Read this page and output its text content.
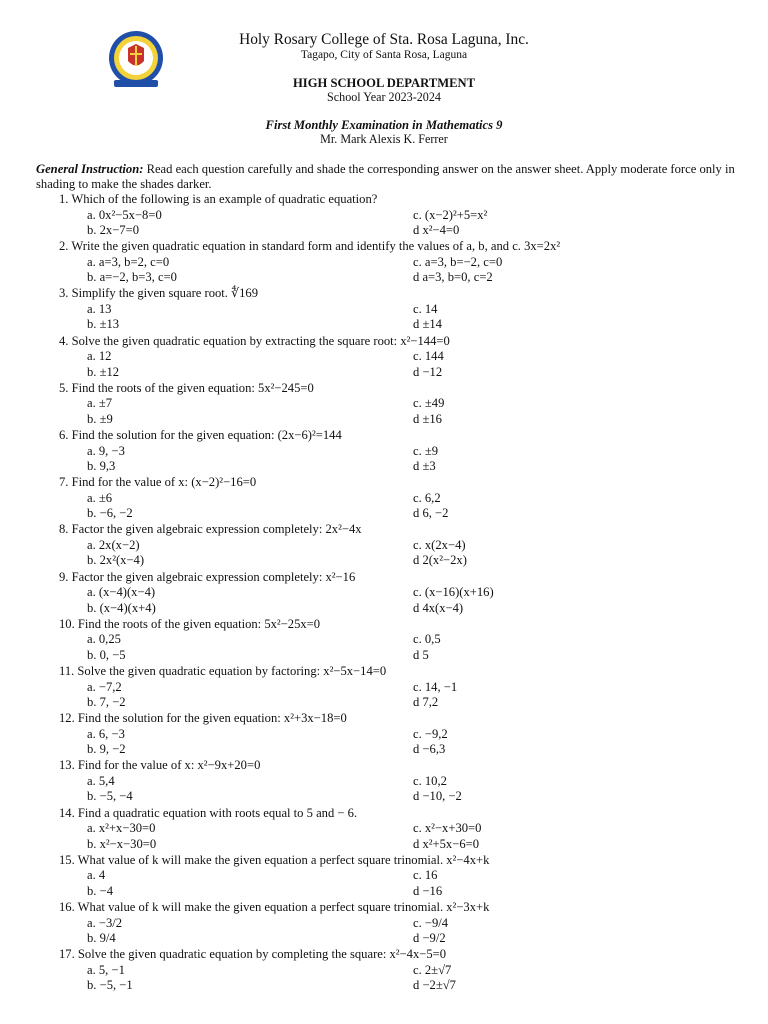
Holy Rosary College of Sta. Rosa Laguna, Inc.
Tagapo, City of Santa Rosa, Laguna
HIGH SCHOOL DEPARTMENT
School Year 2023-2024
First Monthly Examination in Mathematics 9
Mr. Mark Alexis K. Ferrer
General Instruction: Read each question carefully and shade the corresponding answer on the answer sheet. Apply moderate force only in shading to make the shades darker.
1. Which of the following is an example of quadratic equation?
a. 0x²−5x−8=0	c. (x−2)²+5=x²
b. 2x−7=0	d x²−4=0
2. Write the given quadratic equation in standard form and identify the values of a, b, and c. 3x=2x²
a. a=3, b=2, c=0	c. a=3, b=−2, c=0
b. a=−2, b=3, c=0	d a=3, b=0, c=2
3. Simplify the given square root. ∜169
a. 13	c. 14
b. ±13	d ±14
4. Solve the given quadratic equation by extracting the square root: x²−144=0
a. 12	c. 144
b. ±12	d −12
5. Find the roots of the given equation: 5x²−245=0
a. ±7	c. ±49
b. ±9	d ±16
6. Find the solution for the given equation: (2x−6)²=144
a. 9, −3	c. ±9
b. 9,3	d ±3
7. Find for the value of x: (x−2)²−16=0
a. ±6	c. 6,2
b. −6, −2	d 6, −2
8. Factor the given algebraic expression completely: 2x²−4x
a. 2x(x−2)	c. x(2x−4)
b. 2x²(x−4)	d 2(x²−2x)
9. Factor the given algebraic expression completely: x²−16
a. (x−4)(x−4)	c. (x−16)(x+16)
b. (x−4)(x+4)	d 4x(x−4)
10. Find the roots of the given equation: 5x²−25x=0
a. 0,25	c. 0,5
b. 0, −5	d 5
11. Solve the given quadratic equation by factoring: x²−5x−14=0
a. −7,2	c. 14, −1
b. 7, −2	d 7,2
12. Find the solution for the given equation: x²+3x−18=0
a. 6, −3	c. −9,2
b. 9, −2	d −6,3
13. Find for the value of x: x²−9x+20=0
a. 5,4	c. 10,2
b. −5, −4	d −10, −2
14. Find a quadratic equation with roots equal to 5 and − 6.
a. x²+x−30=0	c. x²−x+30=0
b. x²−x−30=0	d x²+5x−6=0
15. What value of k will make the given equation a perfect square trinomial. x²−4x+k
a. 4	c. 16
b. −4	d −16
16. What value of k will make the given equation a perfect square trinomial. x²−3x+k
a. −3/2	c. −9/4
b. 9/4	d −9/2
17. Solve the given quadratic equation by completing the square: x²−4x−5=0
a. 5, −1	c. 2±√7
b. −5, −1	d −2±√7
